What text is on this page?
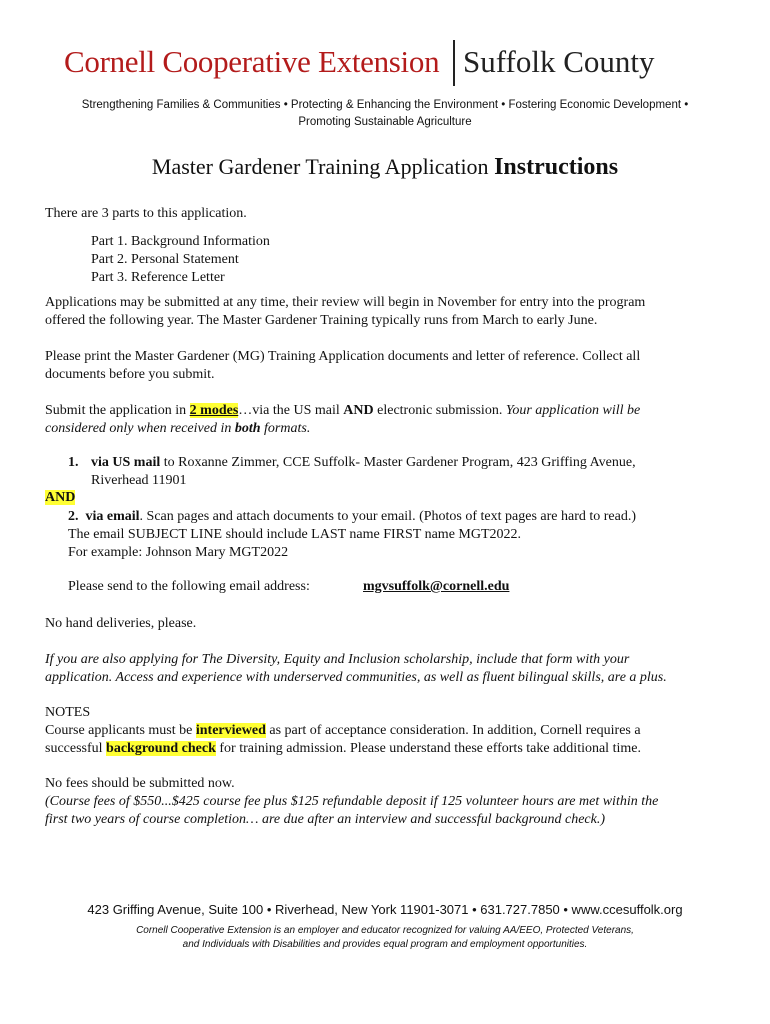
Cornell Cooperative Extension Suffolk County
Strengthening Families & Communities • Protecting & Enhancing the Environment • Fostering Economic Development •
Promoting Sustainable Agriculture
Master Gardener Training Application Instructions
There are 3 parts to this application.
Part 1. Background Information
Part 2. Personal Statement
Part 3. Reference Letter
Applications may be submitted at any time, their review will begin in November for entry into the program
offered the following year. The Master Gardener Training typically runs from March to early June.
Please print the Master Gardener (MG) Training Application documents and letter of reference. Collect all
documents before you submit.
Submit the application in 2 modes…via the US mail AND electronic submission. Your application will be
considered only when received in both formats.
1. via US mail to Roxanne Zimmer, CCE Suffolk- Master Gardener Program, 423 Griffing Avenue,
Riverhead 11901
AND
2. via email. Scan pages and attach documents to your email. (Photos of text pages are hard to read.)
The email SUBJECT LINE should include LAST name FIRST name MGT2022.
For example: Johnson Mary MGT2022
Please send to the following email address:	mgvsuffolk@cornell.edu
No hand deliveries, please.
If you are also applying for The Diversity, Equity and Inclusion scholarship, include that form with your
application. Access and experience with underserved communities, as well as fluent bilingual skills, are a plus.
NOTES
Course applicants must be interviewed as part of acceptance consideration. In addition, Cornell requires a
successful background check for training admission. Please understand these efforts take additional time.
No fees should be submitted now.
(Course fees of $550...$425 course fee plus $125 refundable deposit if 125 volunteer hours are met within the
first two years of course completion… are due after an interview and successful background check.)
423 Griffing Avenue, Suite 100 • Riverhead, New York 11901-3071 • 631.727.7850 • www.ccesuffolk.org
Cornell Cooperative Extension is an employer and educator recognized for valuing AA/EEO, Protected Veterans,
and Individuals with Disabilities and provides equal program and employment opportunities.
